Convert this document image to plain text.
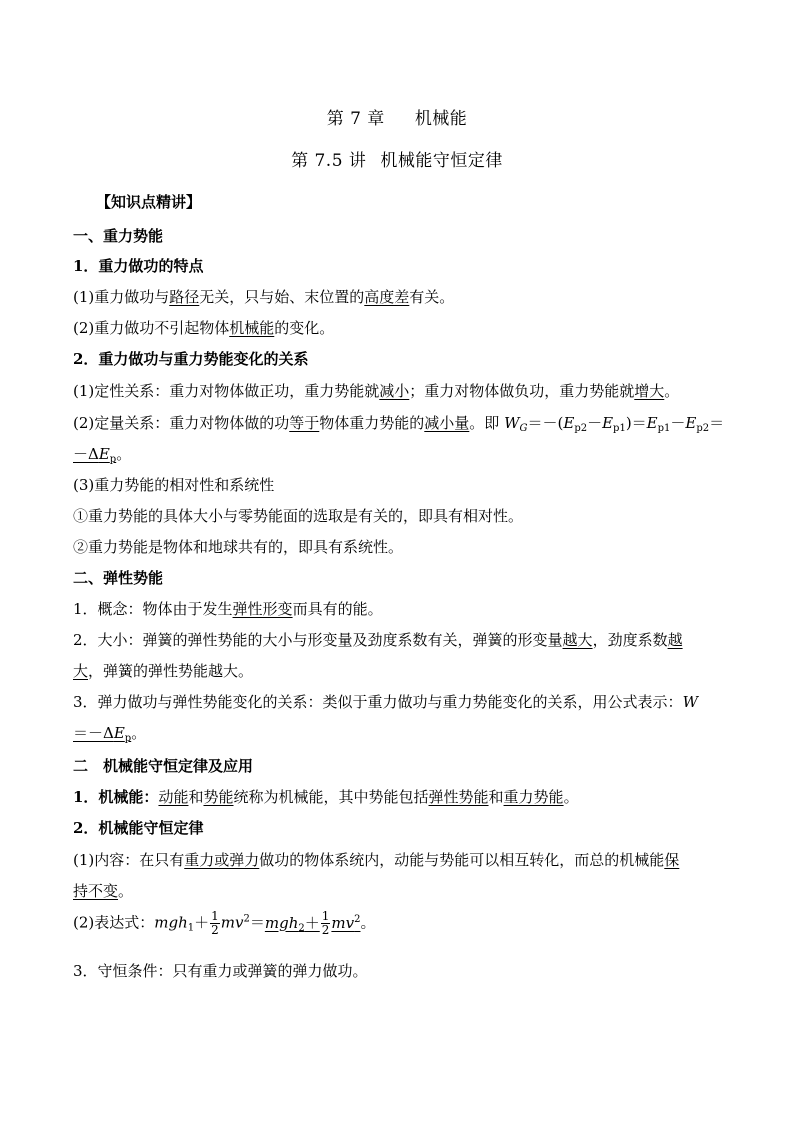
第 7 章 机械能
第 7.5 讲 机械能守恒定律
【知识点精讲】
一、重力势能
1．重力做功的特点
(1)重力做功与路径无关，只与始、末位置的高度差有关。
(2)重力做功不引起物体机械能的变化。
2．重力做功与重力势能变化的关系
(1)定性关系：重力对物体做正功，重力势能就减小；重力对物体做负功，重力势能就增大。
(2)定量关系：重力对物体做的功等于物体重力势能的减小量。即 $W_G=-(E_{p2}-E_{p1})=E_{p1}-E_{p2}=$
$-\Delta E_p$。
(3)重力势能的相对性和系统性
①重力势能的具体大小与零势能面的选取是有关的，即具有相对性。
②重力势能是物体和地球共有的，即具有系统性。
二、弹性势能
1．概念：物体由于发生弹性形变而具有的能。
2．大小：弹簧的弹性势能的大小与形变量及劲度系数有关，弹簧的形变量越大，劲度系数越
大，弹簧的弹性势能越大。
3．弹力做功与弹性势能变化的关系：类似于重力做功与重力势能变化的关系，用公式表示：W
$=-\Delta E_p$。
二　机械能守恒定律及应用
1．机械能：动能和势能统称为机械能，其中势能包括弹性势能和重力势能。
2．机械能守恒定律
(1)内容：在只有重力或弹力做功的物体系统内，动能与势能可以相互转化，而总的机械能保
持不变。
(2)表达式：$mgh_1+ \frac{1}{2} mv^2=mgh_2+ \frac{1}{2} mv^2$。
3．守恒条件：只有重力或弹簧的弹力做功。
